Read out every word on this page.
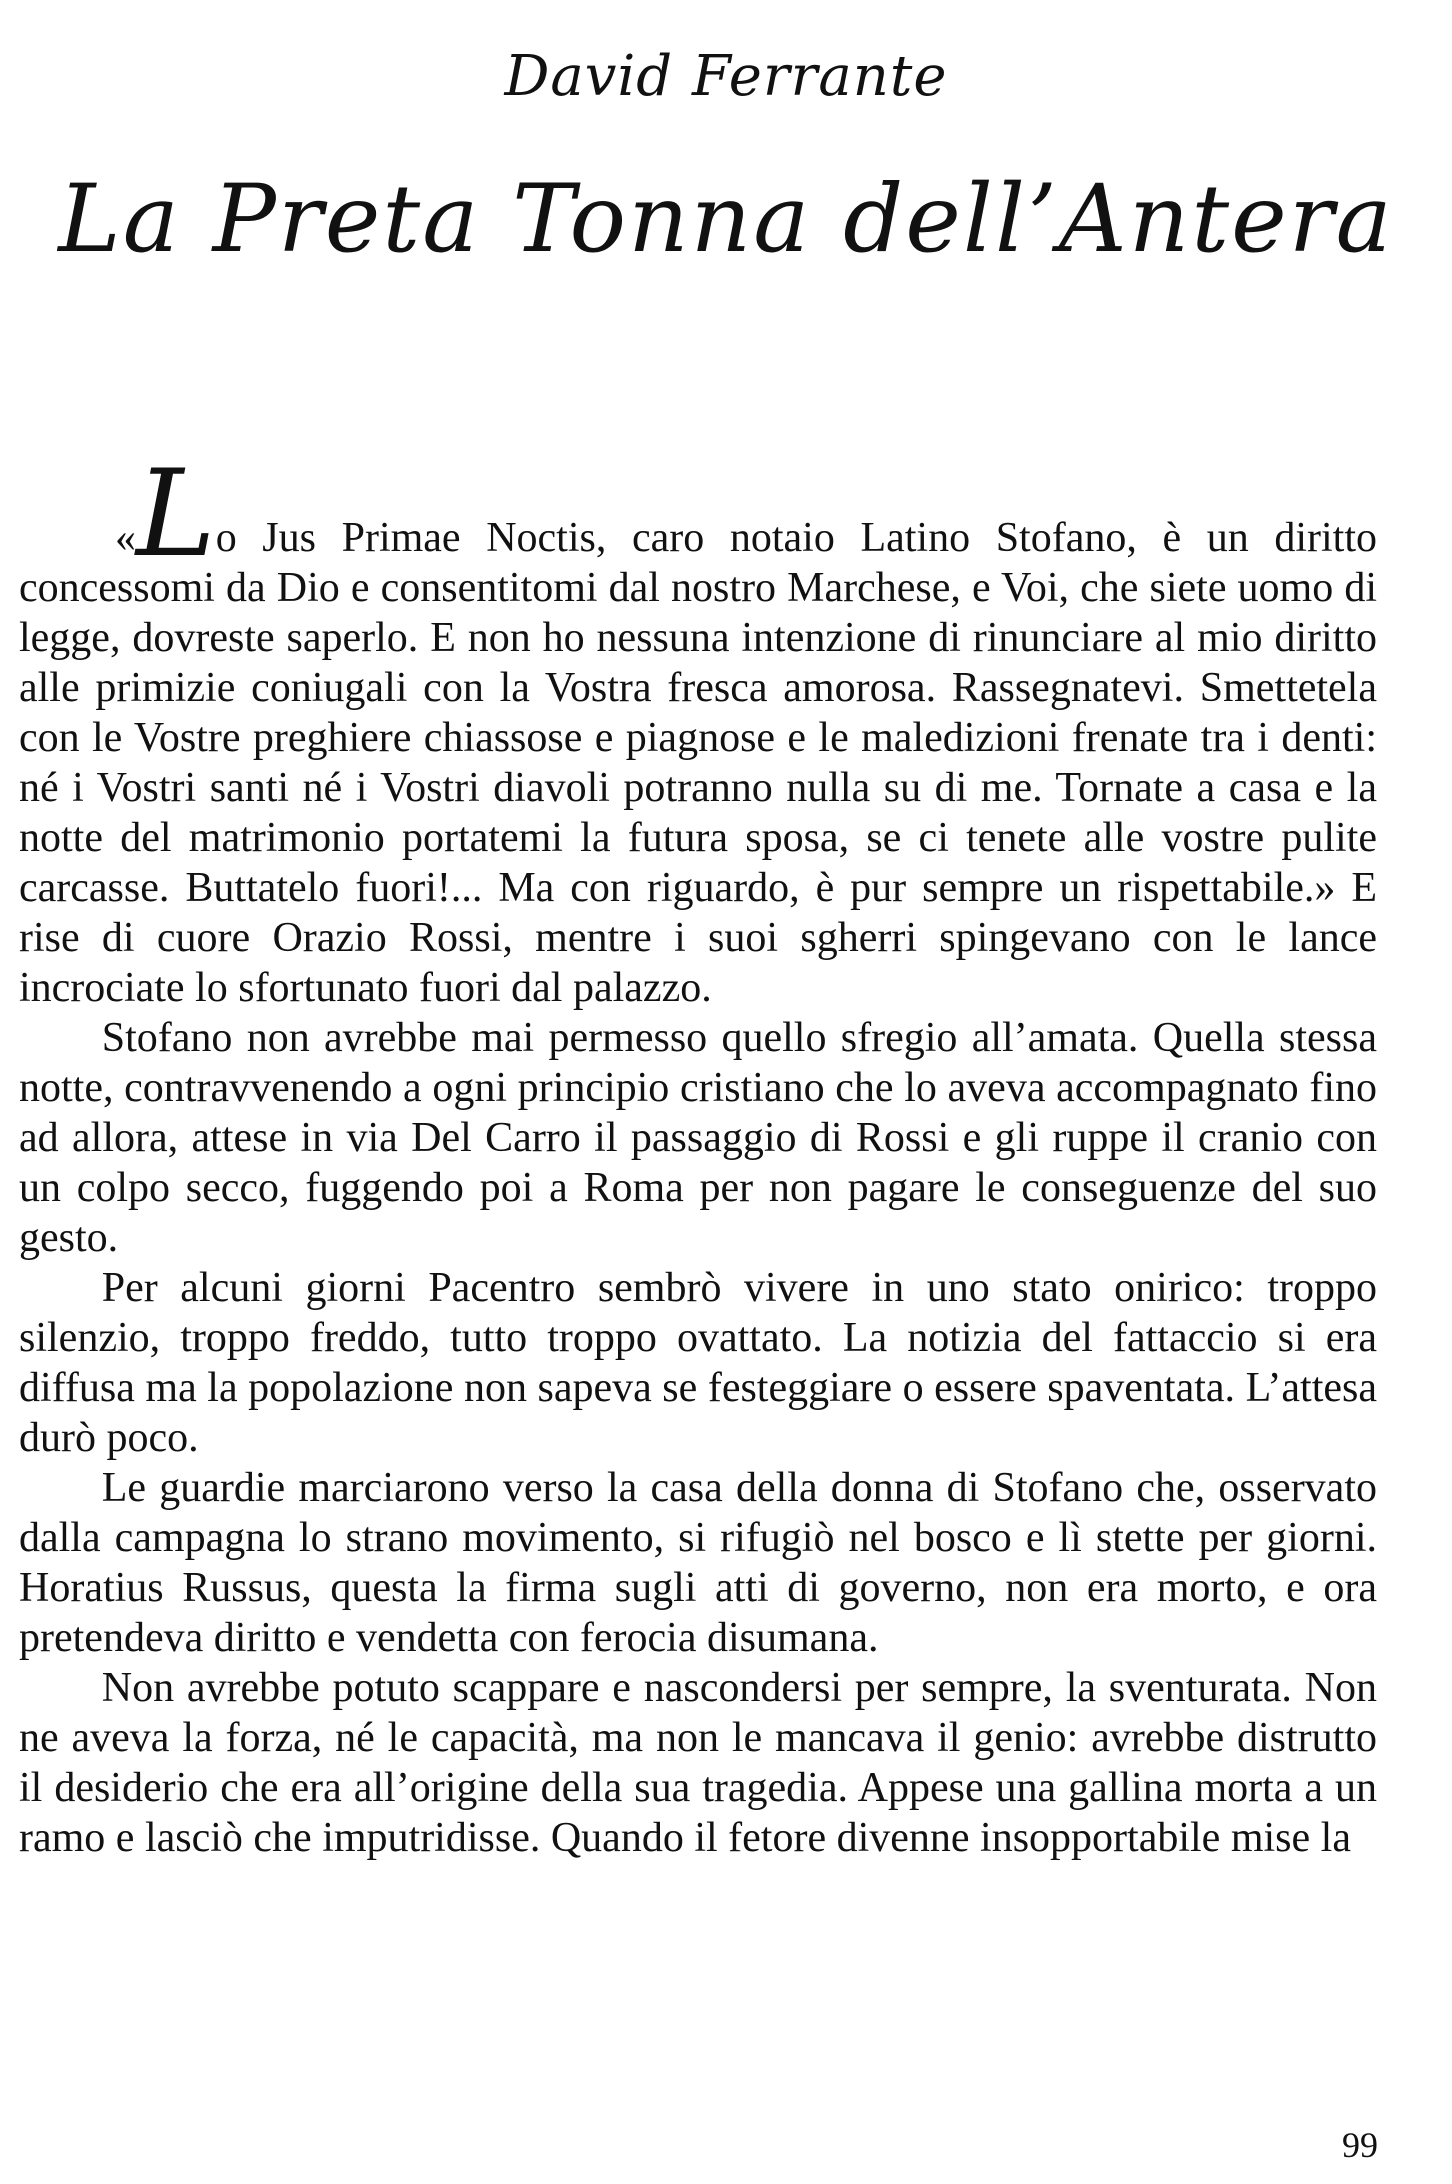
David Ferrante
La Preta Tonna dell’Antera

«Lo Jus Primae Noctis, caro notaio Latino Stofano, è un diritto concessomi da Dio e consentitomi dal nostro Marchese, e Voi, che siete uomo di legge, dovreste saperlo. E non ho nessuna intenzione di rinunciare al mio diritto alle primizie coniugali con la Vostra fresca amorosa. Rassegnatevi. Smettetela con le Vostre preghiere chiassose e piagnose e le maledizioni frenate tra i denti: né i Vostri santi né i Vostri diavoli potranno nulla su di me. Tornate a casa e la notte del matrimonio portatemi la futura sposa, se ci tenete alle vostre pulite carcasse. Buttatelo fuori!... Ma con riguardo, è pur sempre un rispettabile.» E rise di cuore Orazio Rossi, mentre i suoi sgherri spingevano con le lance incrociate lo sfortunato fuori dal palazzo.

Stofano non avrebbe mai permesso quello sfregio all’amata. Quella stessa notte, contravvenendo a ogni principio cristiano che lo aveva accompagnato fino ad allora, attese in via Del Carro il passaggio di Rossi e gli ruppe il cranio con un colpo secco, fuggendo poi a Roma per non pagare le conseguenze del suo gesto.

Per alcuni giorni Pacentro sembrò vivere in uno stato onirico: troppo silenzio, troppo freddo, tutto troppo ovattato. La notizia del fattaccio si era diffusa ma la popolazione non sapeva se festeggiare o essere spaventata. L’attesa durò poco.

Le guardie marciarono verso la casa della donna di Stofano che, osservato dalla campagna lo strano movimento, si rifugiò nel bosco e lì stette per giorni. Horatius Russus, questa la firma sugli atti di governo, non era morto, e ora pretendeva diritto e vendetta con ferocia disumana.

Non avrebbe potuto scappare e nascondersi per sempre, la sventurata. Non ne aveva la forza, né le capacità, ma non le mancava il genio: avrebbe distrutto il desiderio che era all’origine della sua tragedia. Appese una gallina morta a un ramo e lasciò che imputridisse. Quando il fetore divenne insopportabile mise la

99
